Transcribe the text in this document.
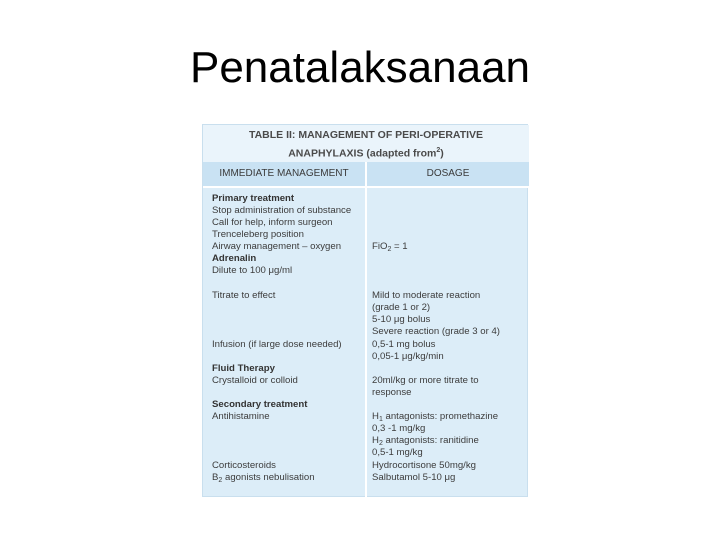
Penatalaksanaan
TABLE II: MANAGEMENT OF PERI-OPERATIVE
ANAPHYLAXIS (adapted from$^2$)
IMMEDIATE MANAGEMENT	DOSAGE
Primary treatment
Stop administration of substance
Call for help, inform surgeon
Trenceleberg position
Airway management – oxygen
Adrenalin
Dilute to 100 μg/ml
Titrate to effect
Infusion (if large dose needed)
Fluid Therapy
Crystalloid or colloid
Secondary treatment
Antihistamine
Corticosteroids
$B_2$ agonists nebulisation
FiO$_2$ = 1
Mild to moderate reaction
(grade 1 or 2)
5-10 μg bolus
Severe reaction (grade 3 or 4)
0,5-1 mg bolus
0,05-1 μg/kg/min
20ml/kg or more titrate to
response
$H_1$ antagonists: promethazine
0,3 -1 mg/kg
$H_2$ antagonists: ranitidine
0,5-1 mg/kg
Hydrocortisone 50mg/kg
Salbutamol 5-10 μg
